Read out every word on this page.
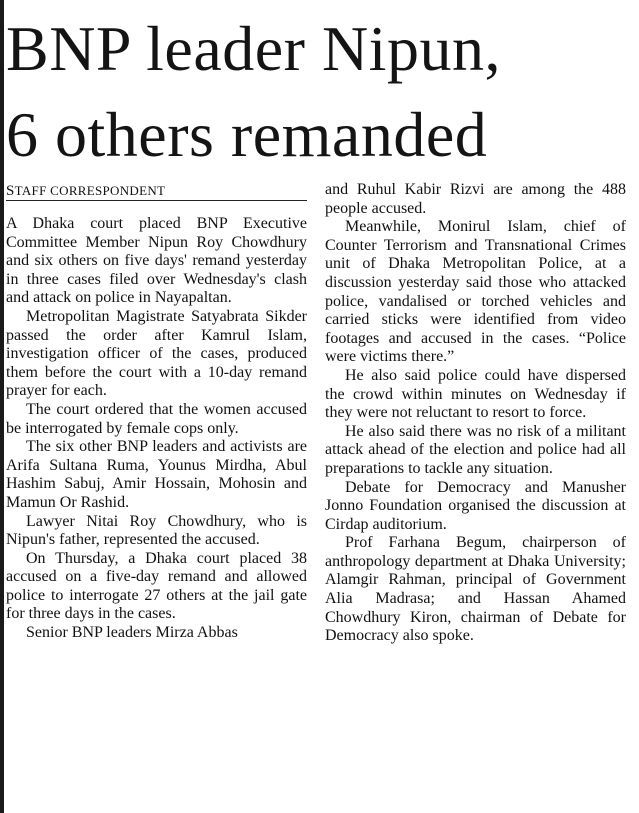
BNP leader Nipun,
6 others remanded
STAFF CORRESPONDENT

A Dhaka court placed BNP Executive Committee Member Nipun Roy Chowdhury and six others on five days' remand yesterday in three cases filed over Wednesday's clash and attack on police in Nayapaltan.

Metropolitan Magistrate Satyabrata Sikder passed the order after Kamrul Islam, investigation officer of the cases, produced them before the court with a 10-day remand prayer for each.

The court ordered that the women accused be interrogated by female cops only.

The six other BNP leaders and activists are Arifa Sultana Ruma, Younus Mirdha, Abul Hashim Sabuj, Amir Hossain, Mohosin and Mamun Or Rashid.

Lawyer Nitai Roy Chowdhury, who is Nipun's father, represented the accused.

On Thursday, a Dhaka court placed 38 accused on a five-day remand and allowed police to interrogate 27 others at the jail gate for three days in the cases.

Senior BNP leaders Mirza Abbas

and Ruhul Kabir Rizvi are among the 488 people accused.

Meanwhile, Monirul Islam, chief of Counter Terrorism and Transnational Crimes unit of Dhaka Metropolitan Police, at a discussion yesterday said those who attacked police, vandalised or torched vehicles and carried sticks were identified from video footages and accused in the cases. “Police were victims there.”

He also said police could have dispersed the crowd within minutes on Wednesday if they were not reluctant to resort to force.

He also said there was no risk of a militant attack ahead of the election and police had all preparations to tackle any situation.

Debate for Democracy and Manusher Jonno Foundation organised the discussion at Cirdap auditorium.

Prof Farhana Begum, chairperson of anthropology department at Dhaka University; Alamgir Rahman, principal of Government Alia Madrasa; and Hassan Ahamed Chowdhury Kiron, chairman of Debate for Democracy also spoke.
